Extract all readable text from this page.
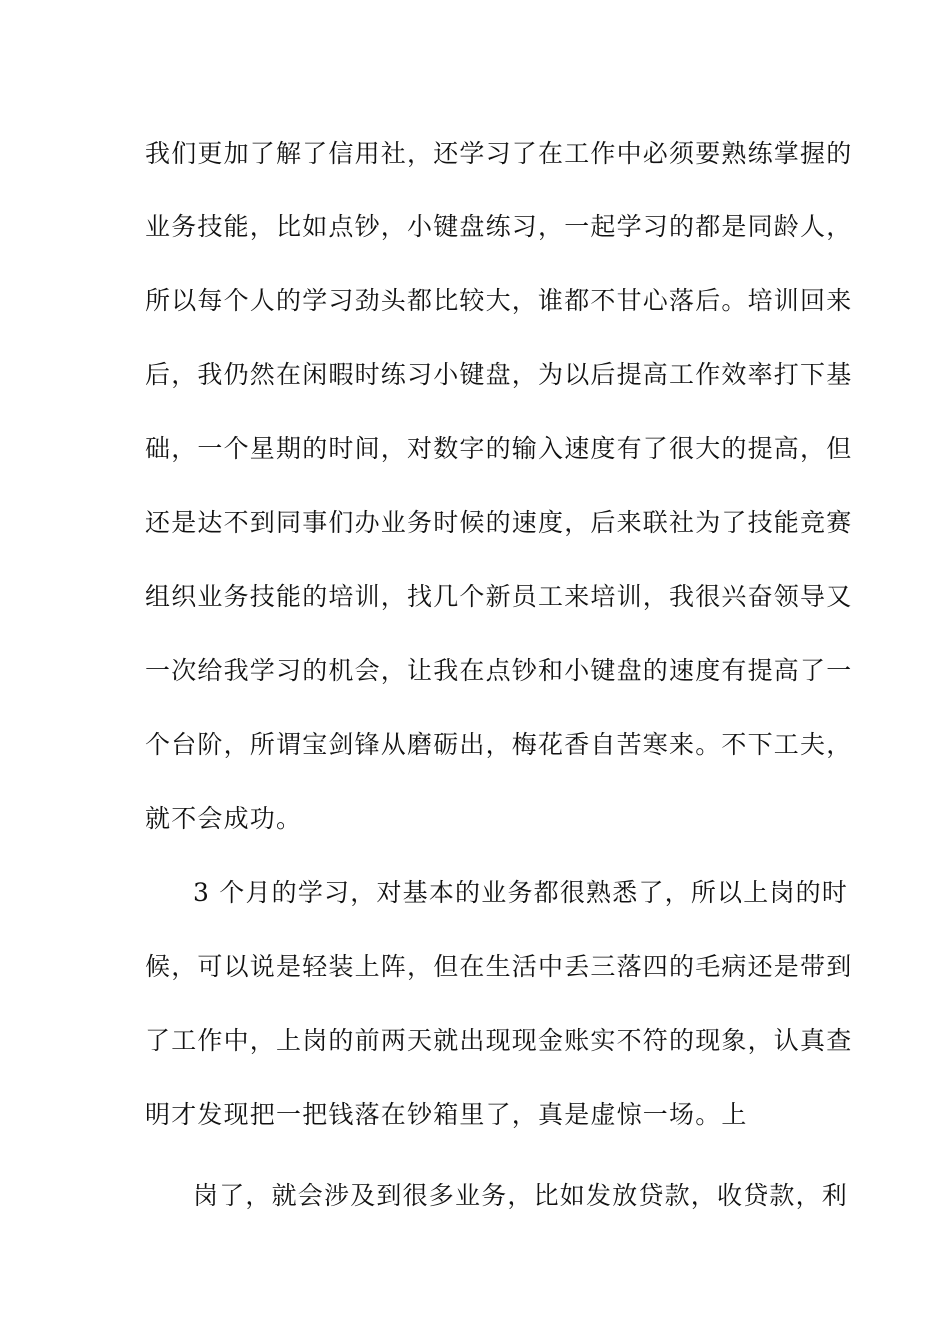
我们更加了解了信用社，还学习了在工作中必须要熟练掌握的
业务技能，比如点钞，小键盘练习，一起学习的都是同龄人，
所以每个人的学习劲头都比较大，谁都不甘心落后。培训回来
后，我仍然在闲暇时练习小键盘，为以后提高工作效率打下基
础，一个星期的时间，对数字的输入速度有了很大的提高，但
还是达不到同事们办业务时候的速度，后来联社为了技能竞赛
组织业务技能的培训，找几个新员工来培训，我很兴奋领导又
一次给我学习的机会，让我在点钞和小键盘的速度有提高了一
个台阶，所谓宝剑锋从磨砺出，梅花香自苦寒来。不下工夫，
就不会成功。
3 个月的学习，对基本的业务都很熟悉了，所以上岗的时
候，可以说是轻装上阵，但在生活中丢三落四的毛病还是带到
了工作中，上岗的前两天就出现现金账实不符的现象，认真查
明才发现把一把钱落在钞箱里了，真是虚惊一场。上
岗了，就会涉及到很多业务，比如发放贷款，收贷款，利
